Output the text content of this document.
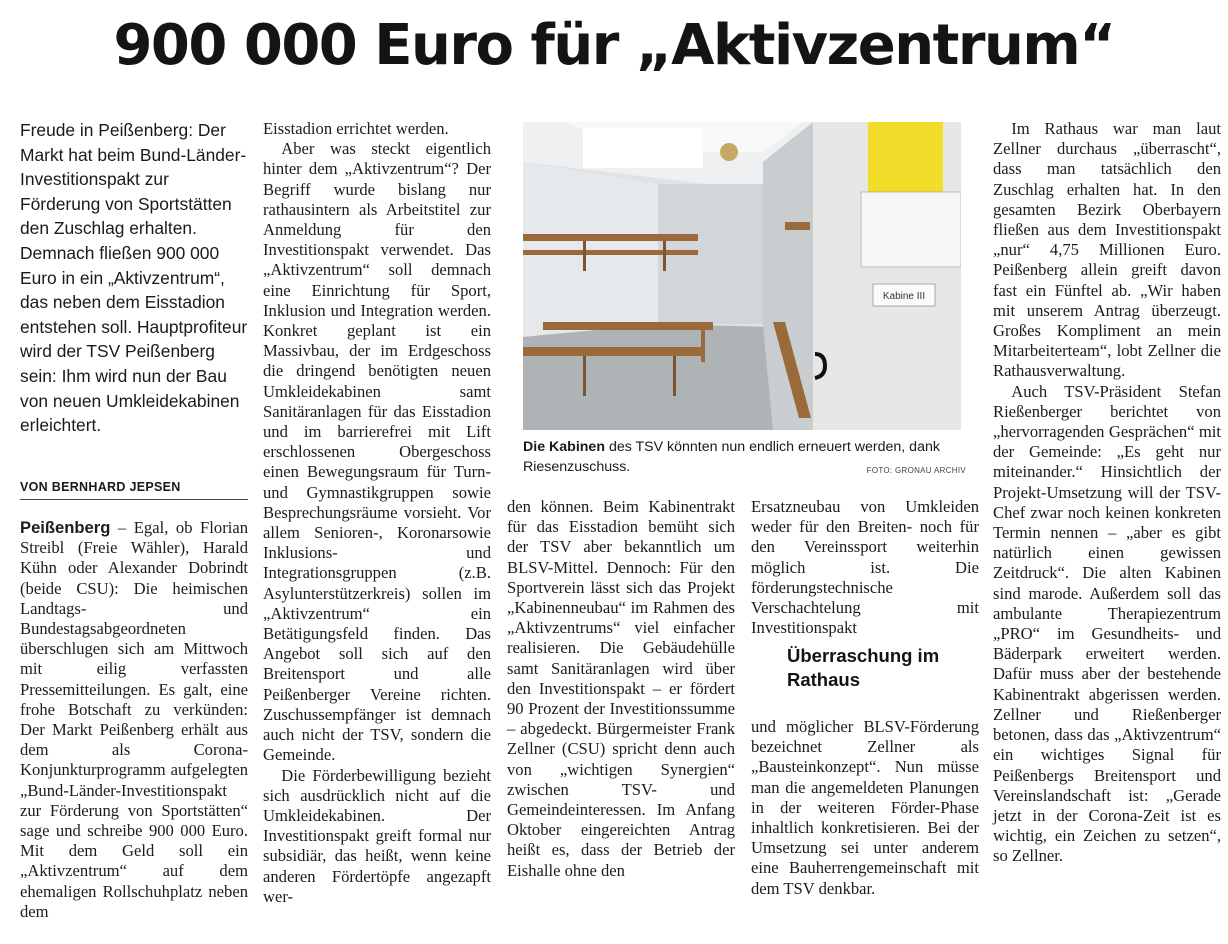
900 000 Euro für „Aktivzentrum“
Freude in Peißenberg: Der Markt hat beim Bund-Länder-Investitionspakt zur Förderung von Sportstätten den Zuschlag erhalten. Demnach fließen 900 000 Euro in ein „Aktivzentrum“, das neben dem Eisstadion entstehen soll. Hauptprofiteur wird der TSV Peißenberg sein: Ihm wird nun der Bau von neuen Umkleidekabinen erleichtert.
VON BERNHARD JEPSEN

Peißenberg – Egal, ob Florian Streibl (Freie Wähler), Harald Kühn oder Alexander Dobrindt (beide CSU): Die heimischen Landtags- und Bundestagsabgeordneten überschlugen sich am Mittwoch mit eilig verfassten Pressemitteilungen. Es galt, eine frohe Botschaft zu verkünden: Der Markt Peißenberg erhält aus dem als Corona-Konjunkturprogramm aufgelegten „Bund-Länder-Investitionspakt zur Förderung von Sportstätten“ sage und schreibe 900 000 Euro. Mit dem Geld soll ein „Aktivzentrum“ auf dem ehemaligen Rollschuhplatz neben dem

Eisstadion errichtet werden.

Aber was steckt eigentlich hinter dem „Aktivzentrum“? Der Begriff wurde bislang nur rathausintern als Arbeitstitel zur Anmeldung für den Investitionspakt verwendet. Das „Aktivzentrum“ soll demnach eine Einrichtung für Sport, Inklusion und Integration werden. Konkret geplant ist ein Massivbau, der im Erdgeschoss die dringend benötigten neuen Umkleidekabinen samt Sanitäranlagen für das Eisstadion und im barrierefrei mit Lift erschlossenen Obergeschoss einen Bewegungsraum für Turn- und Gymnastikgruppen sowie Besprechungsräume vorsieht. Vor allem Senioren-, Koronarsowie Inklusions- und Integrationsgruppen (z.B. Asylunterstützerkreis) sollen im „Aktivzentrum“ ein Betätigungsfeld finden. Das Angebot soll sich auf den Breitensport und alle Peißenberger Vereine richten. Zuschussempfänger ist demnach auch nicht der TSV, sondern die Gemeinde.

Die Förderbewilligung bezieht sich ausdrücklich nicht auf die Umkleidekabinen. Der Investitionspakt greift formal nur subsidiär, das heißt, wenn keine anderen Fördertöpfe angezapft wer-

Kabine III
Die Kabinen des TSV könnten nun endlich erneuert werden, dank Riesenzuschuss.	FOTO: GRONAU ARCHIV

den können. Beim Kabinentrakt für das Eisstadion bemüht sich der TSV aber bekanntlich um BLSV-Mittel. Dennoch: Für den Sportverein lässt sich das Projekt „Kabinenneubau“ im Rahmen des „Aktivzentrums“ viel einfacher realisieren. Die Gebäudehülle samt Sanitäranlagen wird über den Investitionspakt – er fördert 90 Prozent der Investitionssumme – abgedeckt. Bürgermeister Frank Zellner (CSU) spricht denn auch von „wichtigen Synergien“ zwischen TSV- und Gemeindeinteressen. Im Anfang Oktober eingereichten Antrag heißt es, dass der Betrieb der Eishalle ohne den

Ersatzneubau von Umkleiden weder für den Breiten- noch für den Vereinssport weiterhin möglich ist. Die förderungstechnische Verschachtelung mit Investitionspakt

Überraschung im Rathaus

und möglicher BLSV-Förderung bezeichnet Zellner als „Bausteinkonzept“. Nun müsse man die angemeldeten Planungen in der weiteren Förder-Phase inhaltlich konkretisieren. Bei der Umsetzung sei unter anderem eine Bauherrengemeinschaft mit dem TSV denkbar.

Im Rathaus war man laut Zellner durchaus „überrascht“, dass man tatsächlich den Zuschlag erhalten hat. In den gesamten Bezirk Oberbayern fließen aus dem Investitionspakt „nur“ 4,75 Millionen Euro. Peißenberg allein greift davon fast ein Fünftel ab. „Wir haben mit unserem Antrag überzeugt. Großes Kompliment an mein Mitarbeiterteam“, lobt Zellner die Rathausverwaltung.

Auch TSV-Präsident Stefan Rießenberger berichtet von „hervorragenden Gesprächen“ mit der Gemeinde: „Es geht nur miteinander.“ Hinsichtlich der Projekt-Umsetzung will der TSV-Chef zwar noch keinen konkreten Termin nennen – „aber es gibt natürlich einen gewissen Zeitdruck“. Die alten Kabinen sind marode. Außerdem soll das ambulante Therapiezentrum „PRO“ im Gesundheits- und Bäderpark erweitert werden. Dafür muss aber der bestehende Kabinentrakt abgerissen werden. Zellner und Rießenberger betonen, dass das „Aktivzentrum“ ein wichtiges Signal für Peißenbergs Breitensport und Vereinslandschaft ist: „Gerade jetzt in der Corona-Zeit ist es wichtig, ein Zeichen zu setzen“, so Zellner.
